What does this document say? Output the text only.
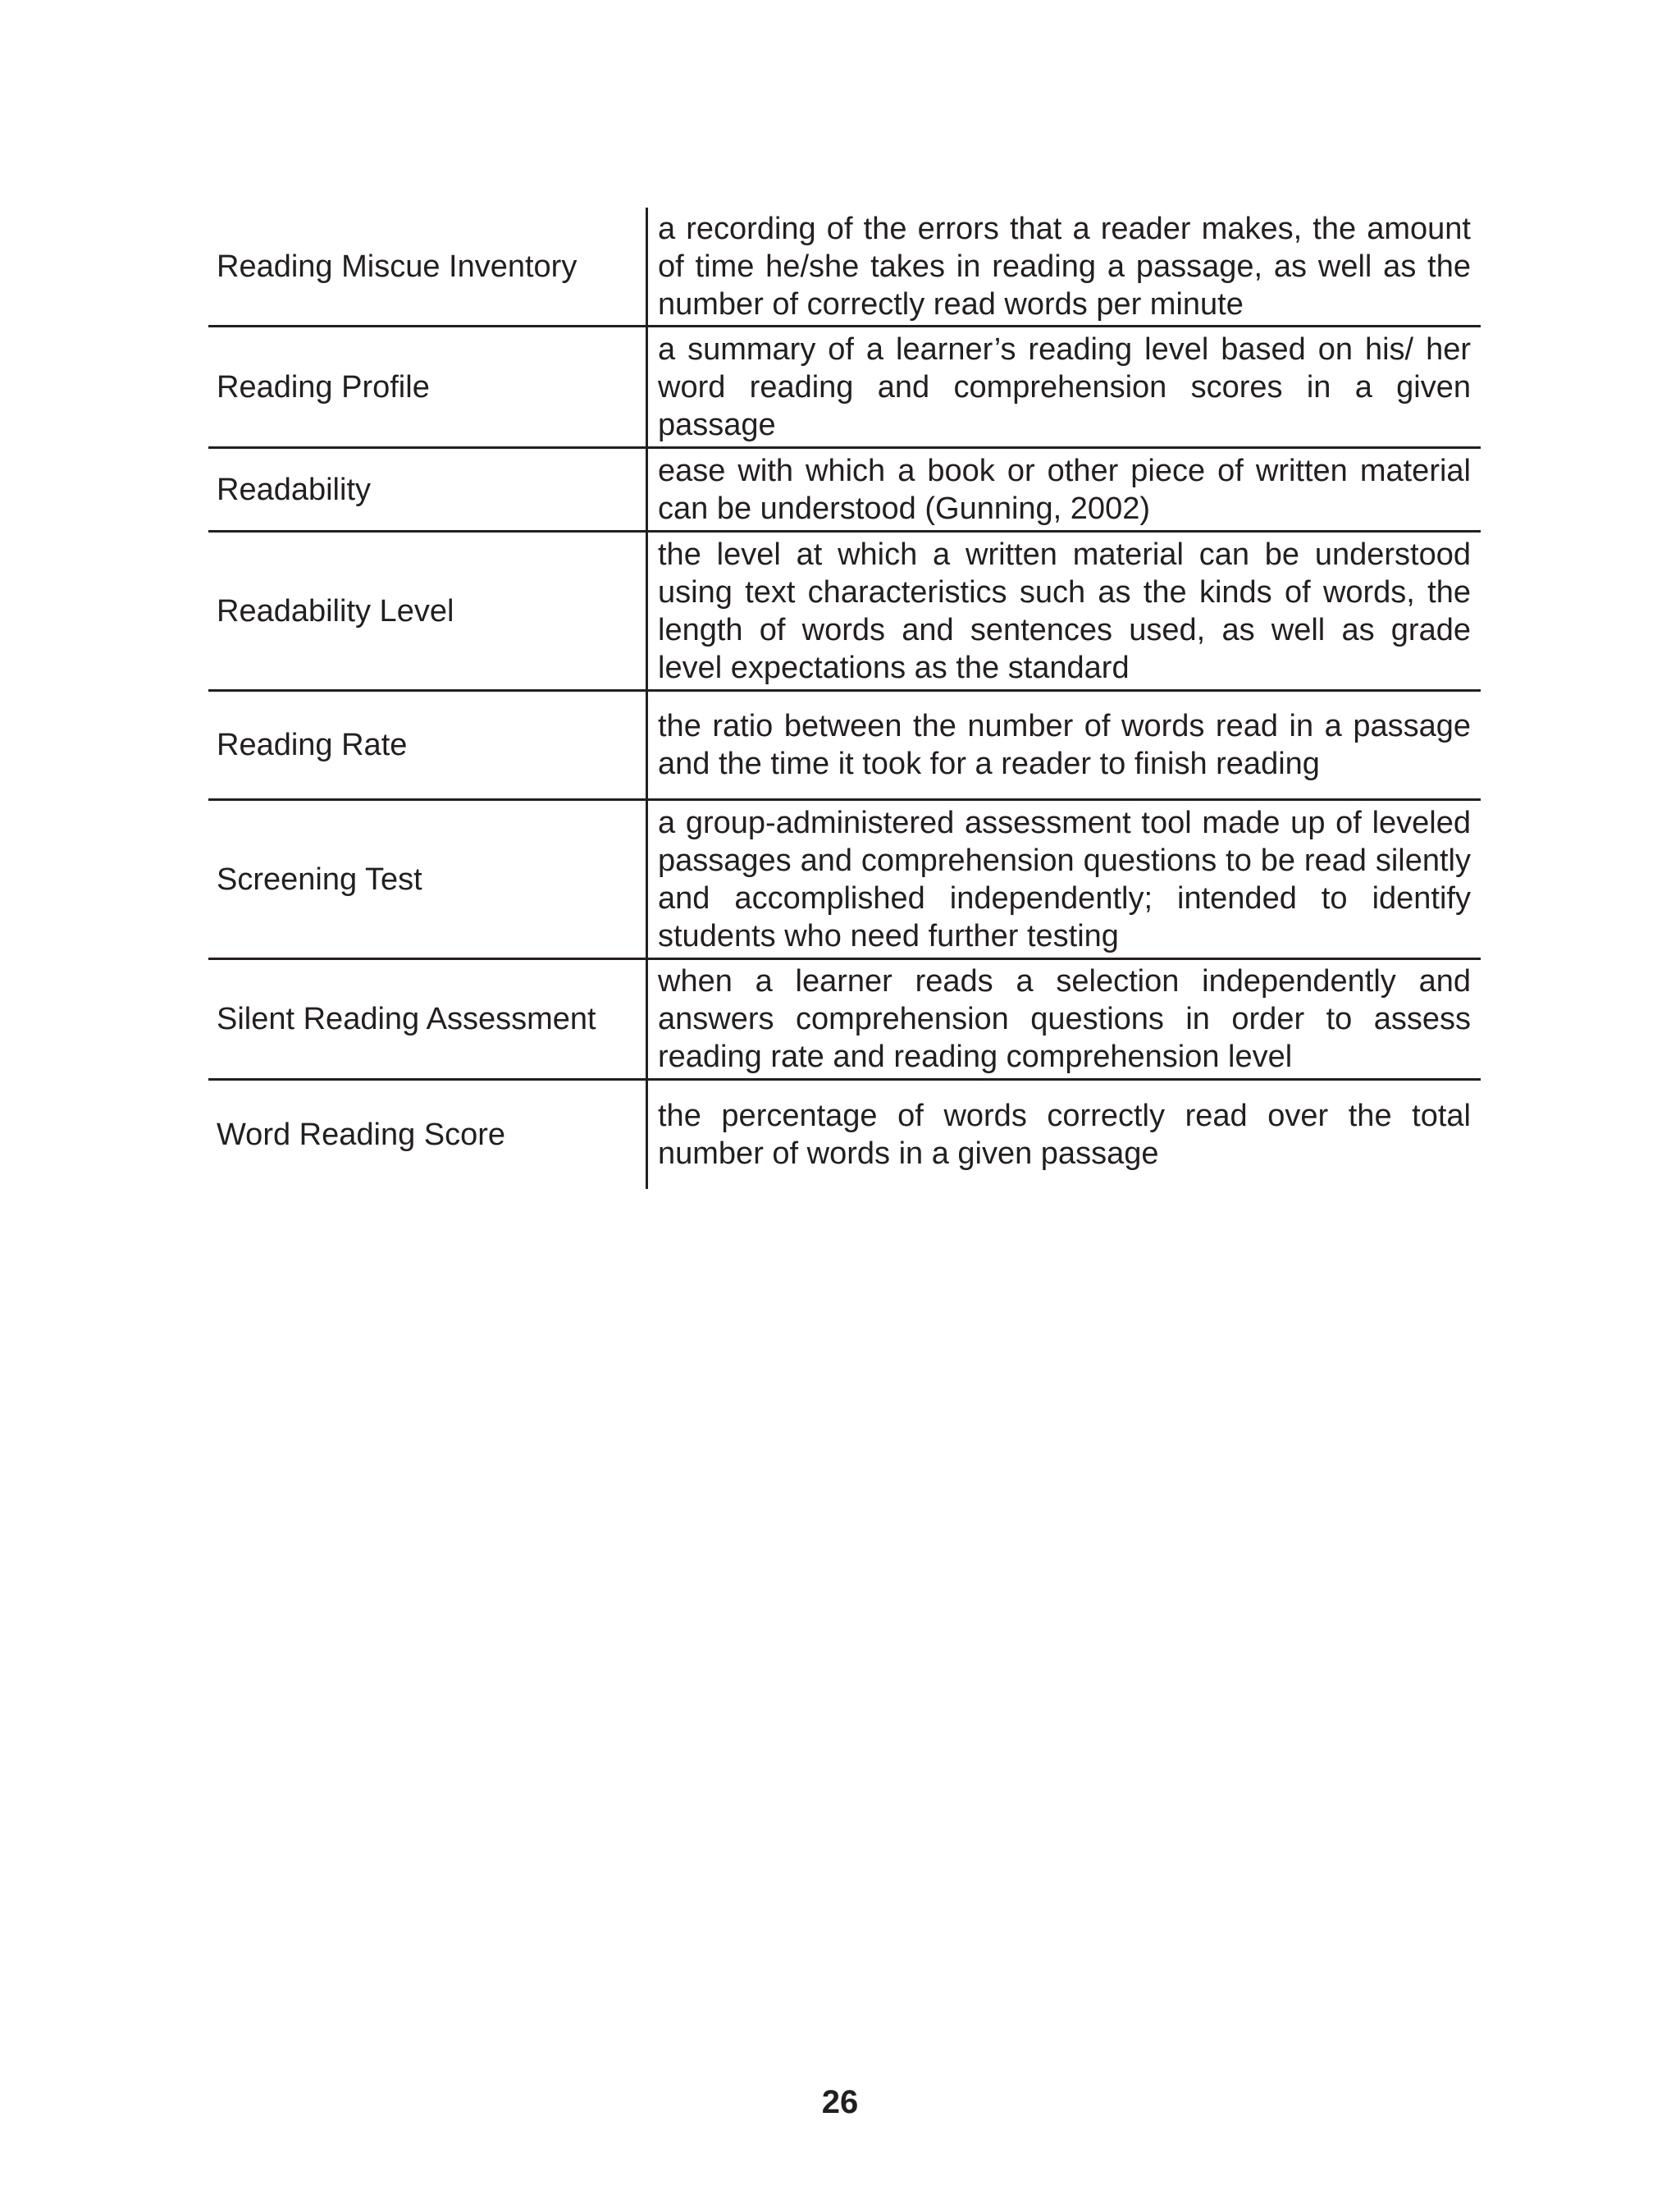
Reading Miscue Inventory
a recording of the errors that a reader makes, the amount of time he/she takes in reading a passage, as well as the number of correctly read words per minute
Reading Profile
a summary of a learner’s reading level based on his/ her word reading and comprehension scores in a given passage
Readability
ease with which a book or other piece of written material can be understood (Gunning, 2002)
Readability Level
the level at which a written material can be understood using text characteristics such as the kinds of words, the length of words and sentences used, as well as grade level expectations as the standard
Reading Rate
the ratio between the number of words read in a passage and the time it took for a reader to finish reading
Screening Test
a group-administered assessment tool made up of leveled passages and comprehension questions to be read silently and accomplished independently; intended to identify students who need further testing
Silent Reading Assessment
when a learner reads a selection independently and answers comprehension questions in order to assess reading rate and reading comprehension level
Word Reading Score
the percentage of words correctly read over the total number of words in a given passage
26
